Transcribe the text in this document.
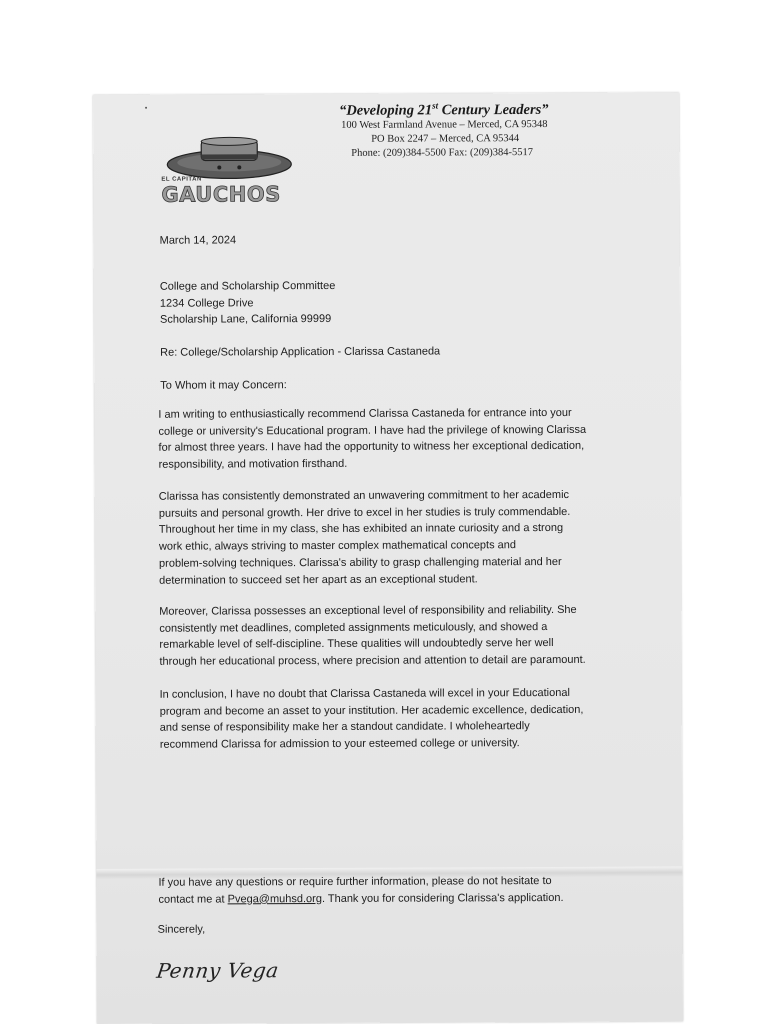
“Developing 21st Century Leaders”
100 West Farmland Avenue – Merced, CA 95348
PO Box 2247 – Merced, CA 95344
Phone: (209)384-5500 Fax: (209)384-5517
EL CAPITAN
GAUCHOS
March 14, 2024
College and Scholarship Committee
1234 College Drive
Scholarship Lane, California 99999
Re: College/Scholarship Application - Clarissa Castaneda
To Whom it may Concern:
I am writing to enthusiastically recommend Clarissa Castaneda for entrance into your
college or university's Educational program. I have had the privilege of knowing Clarissa
for almost three years. I have had the opportunity to witness her exceptional dedication,
responsibility, and motivation firsthand.
Clarissa has consistently demonstrated an unwavering commitment to her academic
pursuits and personal growth. Her drive to excel in her studies is truly commendable.
Throughout her time in my class, she has exhibited an innate curiosity and a strong
work ethic, always striving to master complex mathematical concepts and
problem-solving techniques. Clarissa's ability to grasp challenging material and her
determination to succeed set her apart as an exceptional student.
Moreover, Clarissa possesses an exceptional level of responsibility and reliability. She
consistently met deadlines, completed assignments meticulously, and showed a
remarkable level of self-discipline. These qualities will undoubtedly serve her well
through her educational process, where precision and attention to detail are paramount.
In conclusion, I have no doubt that Clarissa Castaneda will excel in your Educational
program and become an asset to your institution. Her academic excellence, dedication,
and sense of responsibility make her a standout candidate. I wholeheartedly
recommend Clarissa for admission to your esteemed college or university.
If you have any questions or require further information, please do not hesitate to
contact me at Pvega@muhsd.org. Thank you for considering Clarissa's application.
Sincerely,
Penny Vega
